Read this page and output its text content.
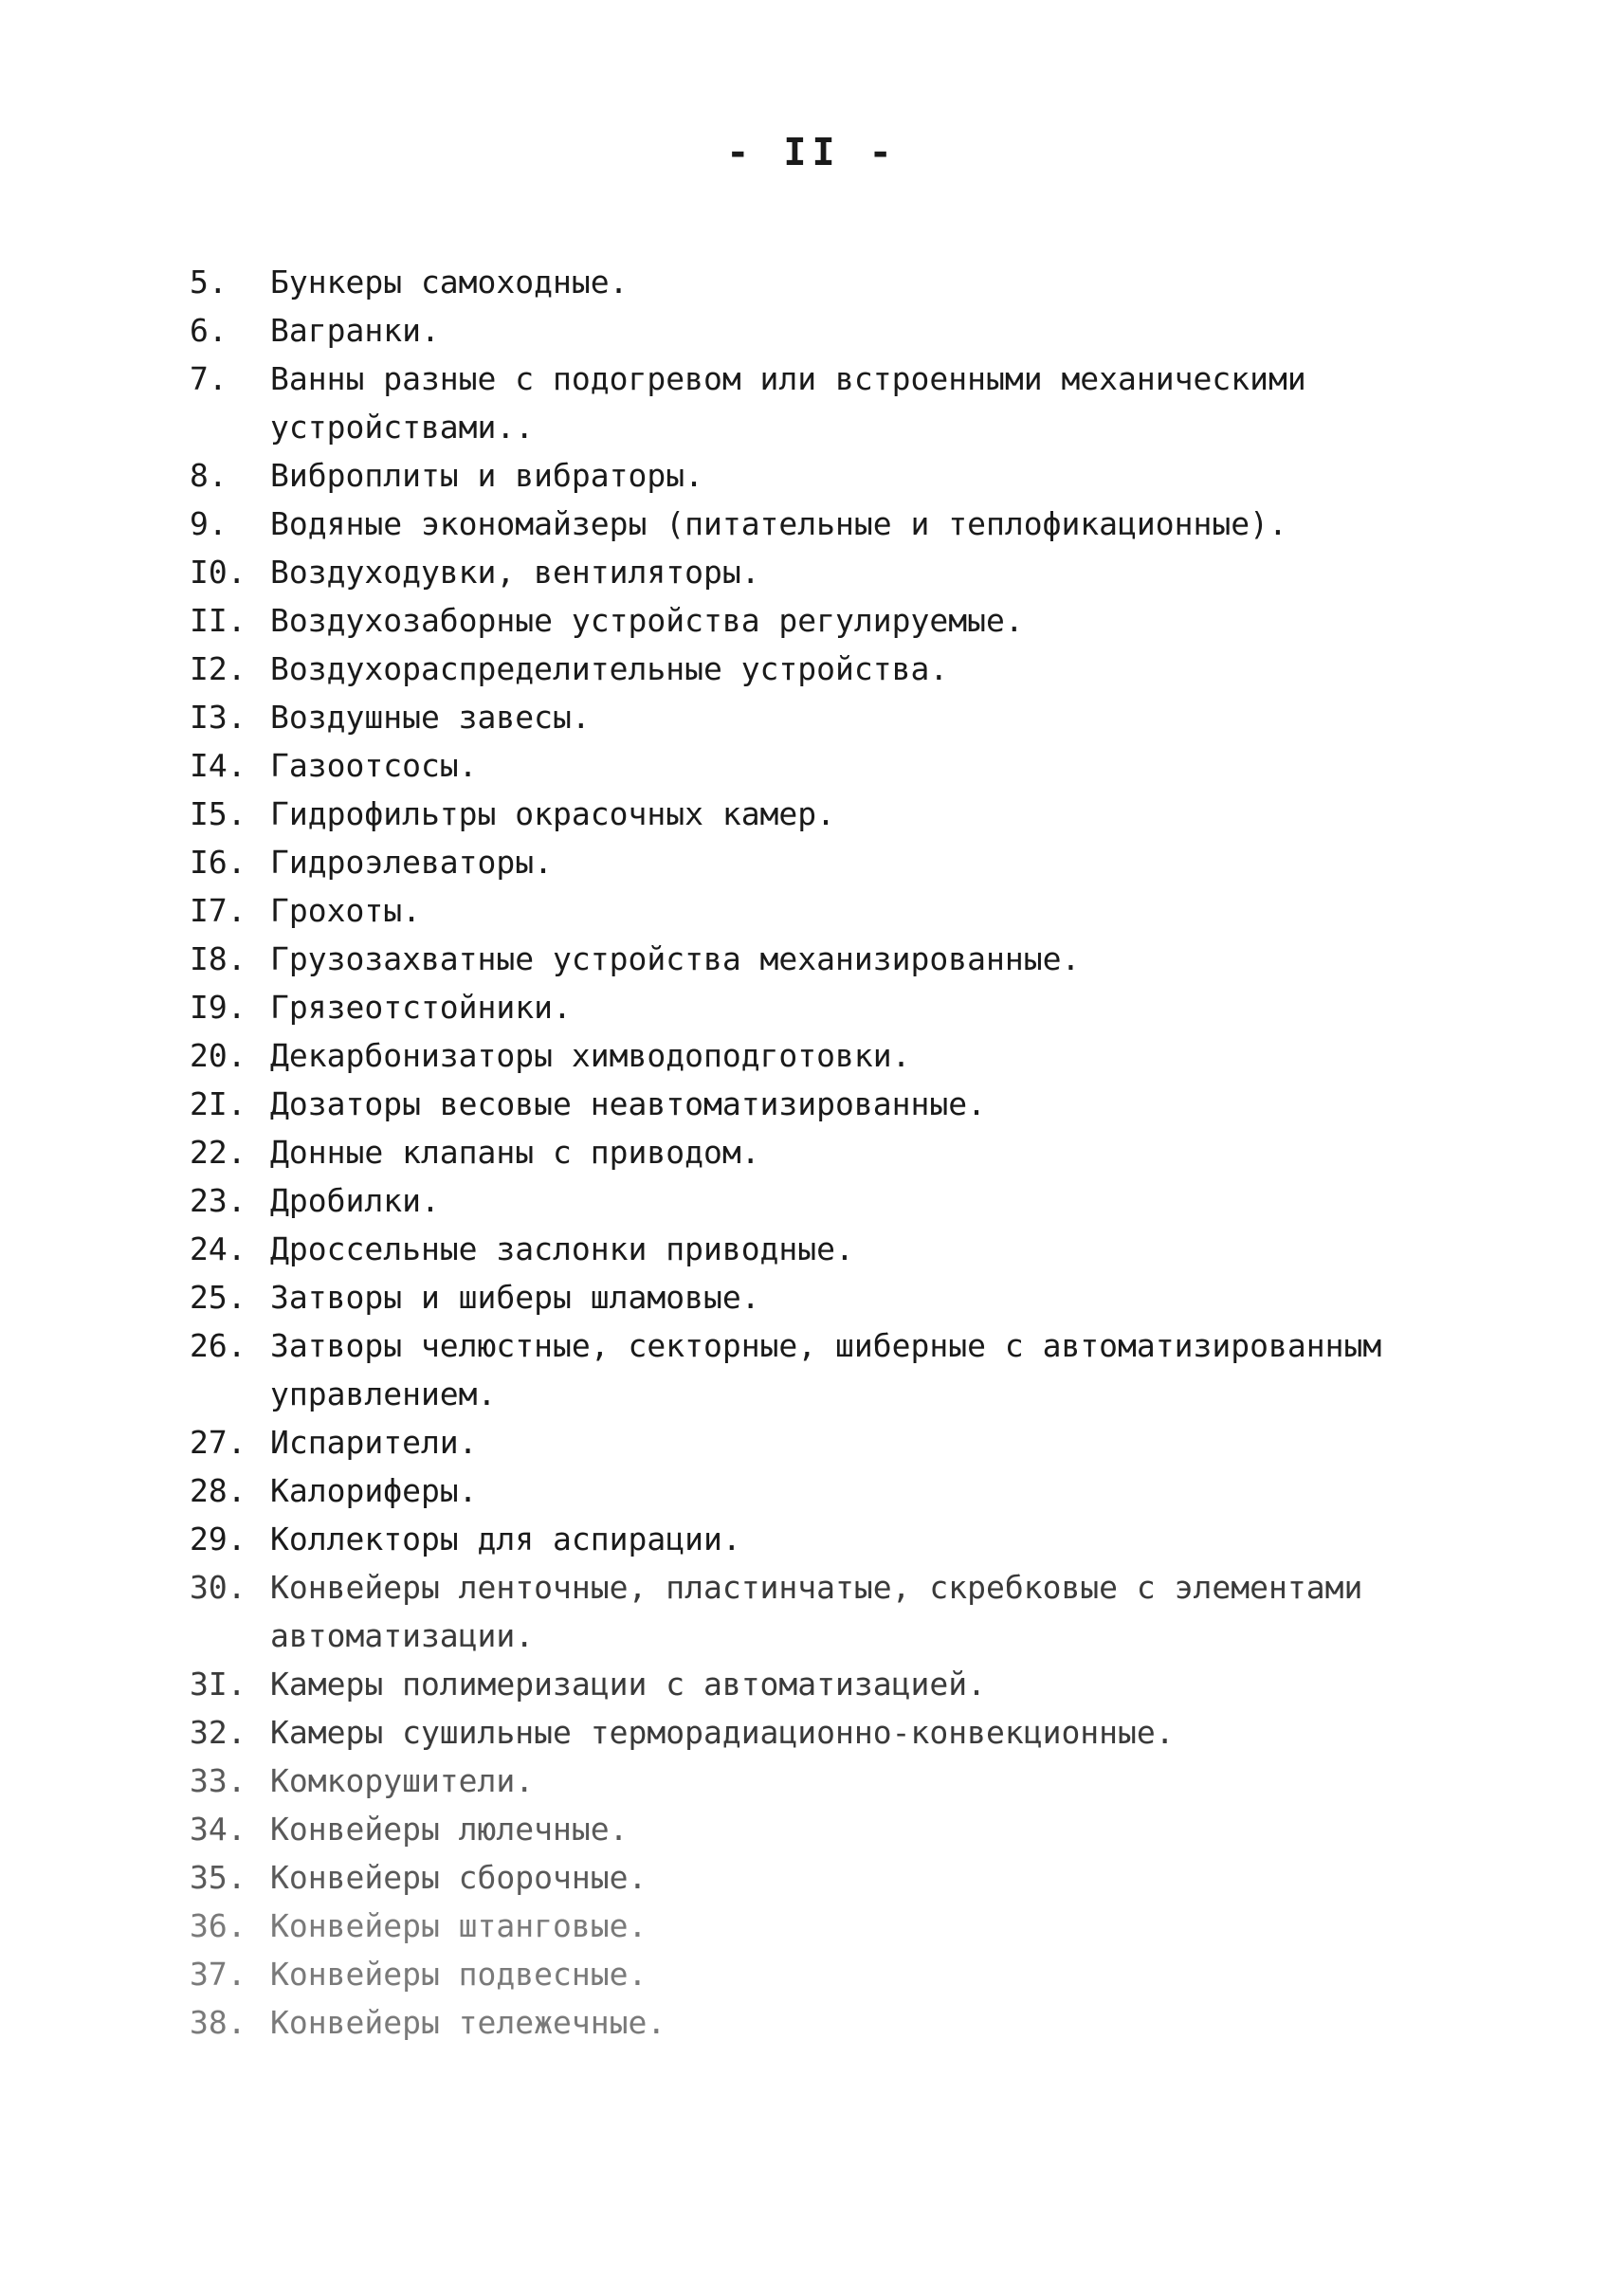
- II -
5.	Бункеры самоходные.
6.	Вагранки.
7.	Ванны разные с подогревом или встроенными механическими
устройствами..
8.	Виброплиты и вибраторы.
9.	Водяные экономайзеры (питательные и теплофикационные).
I0. Воздуходувки, вентиляторы.
II. Воздухозаборные устройства регулируемые.
I2. Воздухораспределительные устройства.
I3. Воздушные завесы.
I4. Газоотсосы.
I5. Гидрофильтры окрасочных камер.
I6. Гидроэлеваторы.
I7. Грохоты.
I8. Грузозахватные устройства механизированные.
I9. Грязеотстойники.
20. Декарбонизаторы химводоподготовки.
2I. Дозаторы весовые неавтоматизированные.
22. Донные клапаны с приводом.
23. Дробилки.
24. Дроссельные заслонки приводные.
25. Затворы и шиберы шламовые.
26. Затворы челюстные, секторные, шиберные с автоматизированным
управлением.
27. Испарители.
28. Калориферы.
29. Коллекторы для аспирации.
30. Конвейеры ленточные, пластинчатые, скребковые с элементами
автоматизации.
3I. Камеры полимеризации с автоматизацией.
32. Камеры сушильные терморадиационно-конвекционные.
33. Комкорушители.
34. Конвейеры люлечные.
35. Конвейеры сборочные.
36. Конвейеры штанговые.
37. Конвейеры подвесные.
38. Конвейеры тележечные.
